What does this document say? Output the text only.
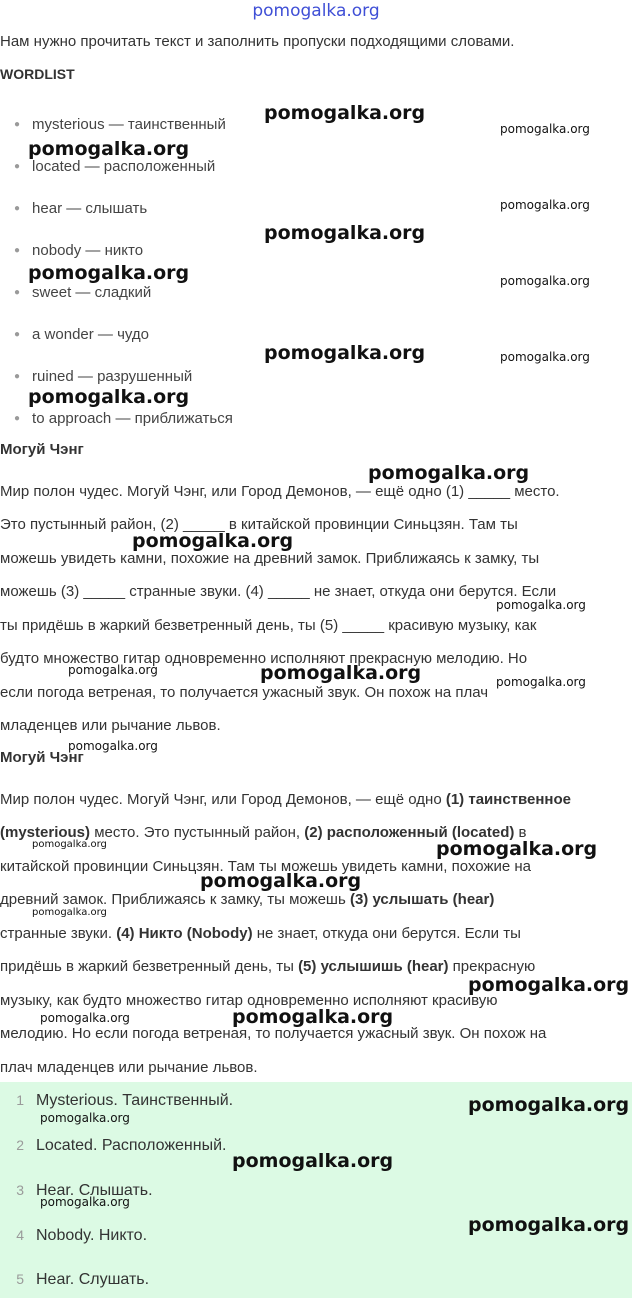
pomogalka.org
Нам нужно прочитать текст и заполнить пропуски подходящими словами.
WORDLIST
● mysterious — таинственный
● located — расположенный
● hear — слышать
● nobody — никто
● sweet — сладкий
● a wonder — чудо
● ruined — разрушенный
● to approach — приближаться
Могуй Чэнг
Мир полон чудес. Могуй Чэнг, или Город Демонов, — ещё одно (1) _____ место.
Это пустынный район, (2) _____ в китайской провинции Синьцзян. Там ты
можешь увидеть камни, похожие на древний замок. Приближаясь к замку, ты
можешь (3) _____ странные звуки. (4) _____ не знает, откуда они берутся. Если
ты придёшь в жаркий безветренный день, ты (5) _____ красивую музыку, как
будто множество гитар одновременно исполняют прекрасную мелодию. Но
если погода ветреная, то получается ужасный звук. Он похож на плач
младенцев или рычание львов.
Могуй Чэнг
Мир полон чудес. Могуй Чэнг, или Город Демонов, — ещё одно (1) таинственное
(mysterious) место. Это пустынный район, (2) расположенный (located) в
китайской провинции Синьцзян. Там ты можешь увидеть камни, похожие на
древний замок. Приближаясь к замку, ты можешь (3) услышать (hear)
странные звуки. (4) Никто (Nobody) не знает, откуда они берутся. Если ты
придёшь в жаркий безветренный день, ты (5) услышишь (hear) прекрасную
музыку, как будто множество гитар одновременно исполняют красивую
мелодию. Но если погода ветреная, то получается ужасный звук. Он похож на
плач младенцев или рычание львов.
1 Mysterious. Таинственный.
2 Located. Расположенный.
3 Hear. Слышать.
4 Nobody. Никто.
5 Hear. Слушать.
pomogalka.org
pomogalka.org
pomogalka.org
pomogalka.org
pomogalka.org
pomogalka.org	pomogalka.org
pomogalka.org	pomogalka.org
pomogalka.org
pomogalka.org
pomogalka.org
pomogalka.org
pomogalka.org	pomogalka.org	pomogalka.org
pomogalka.org
pomogalka.org	pomogalka.org
pomogalka.org
pomogalka.org
pomogalka.org
pomogalka.org	pomogalka.org
pomogalka.org
pomogalka.org
pomogalka.org
pomogalka.org
pomogalka.org
